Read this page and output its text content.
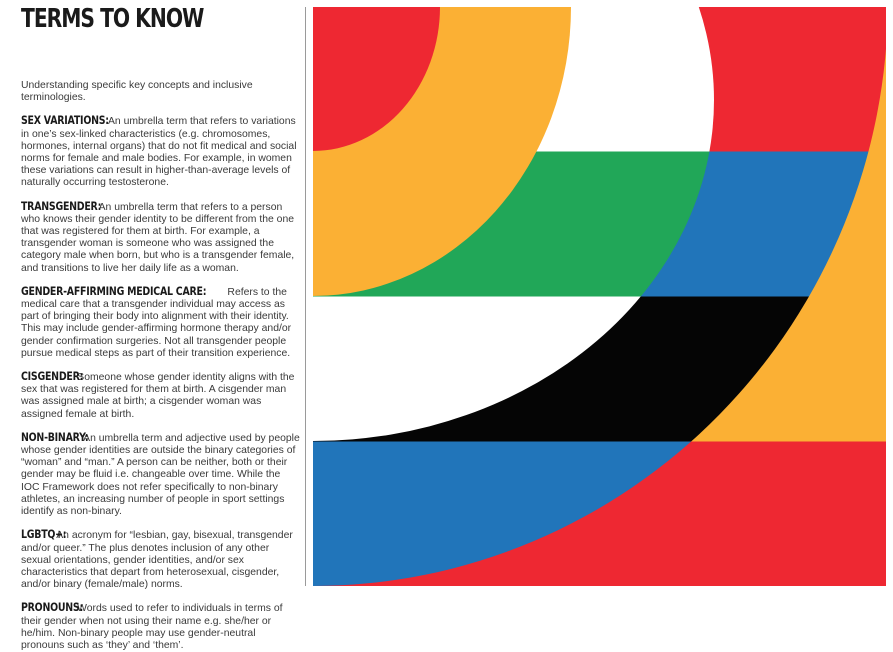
TERMS TO KNOW

Understanding specific key concepts and inclusive terminologies.

SEX VARIATIONS: An umbrella term that refers to variations in one’s sex-linked characteristics (e.g. chromosomes, hormones, internal organs) that do not fit medical and social norms for female and male bodies. For example, in women these variations can result in higher-than-average levels of naturally occurring testosterone.

TRANSGENDER: An umbrella term that refers to a person who knows their gender identity to be different from the one that was registered for them at birth. For example, a transgender woman is someone who was assigned the category male when born, but who is a transgender female, and transitions to live her daily life as a woman.

GENDER-AFFIRMING MEDICAL CARE: Refers to the medical care that a transgender individual may access as part of bringing their body into alignment with their identity. This may include gender-affirming hormone therapy and/or gender confirmation surgeries. Not all transgender people pursue medical steps as part of their transition experience.

CISGENDER: Someone whose gender identity aligns with the sex that was registered for them at birth. A cisgender man was assigned male at birth; a cisgender woman was assigned female at birth.

NON-BINARY: An umbrella term and adjective used by people whose gender identities are outside the binary categories of “woman” and “man.” A person can be neither, both or their gender may be fluid i.e. changeable over time. While the IOC Framework does not refer specifically to non-binary athletes, an increasing number of people in sport settings identify as non-binary.

LGBTQ+: An acronym for “lesbian, gay, bisexual, transgender and/or queer.” The plus denotes inclusion of any other sexual orientations, gender identities, and/or sex characteristics that depart from heterosexual, cisgender, and/or binary (female/male) norms.

PRONOUNS: Words used to refer to individuals in terms of their gender when not using their name e.g. she/her or he/him. Non-binary people may use gender-neutral pronouns such as ‘they’ and ‘them’.
